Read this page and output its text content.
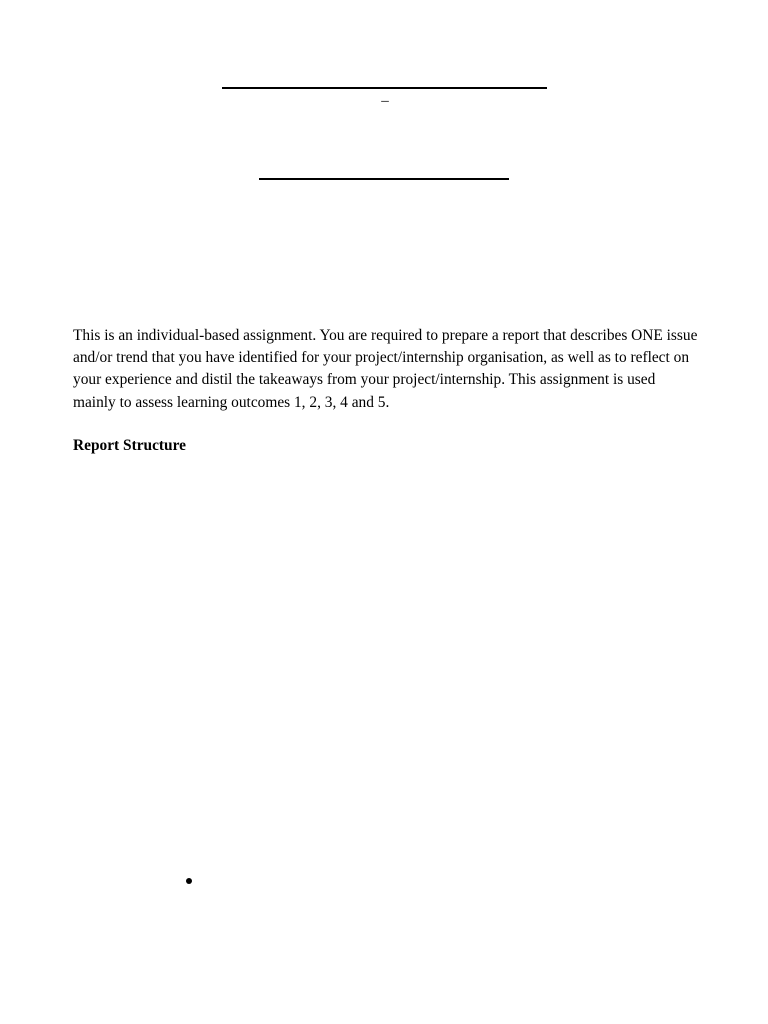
–

This is an individual-based assignment. You are required to prepare a report that describes ONE issue and/or trend that you have identified for your project/internship organisation, as well as to reflect on your experience and distil the takeaways from your project/internship. This assignment is used mainly to assess learning outcomes 1, 2, 3, 4 and 5.

Report Structure
